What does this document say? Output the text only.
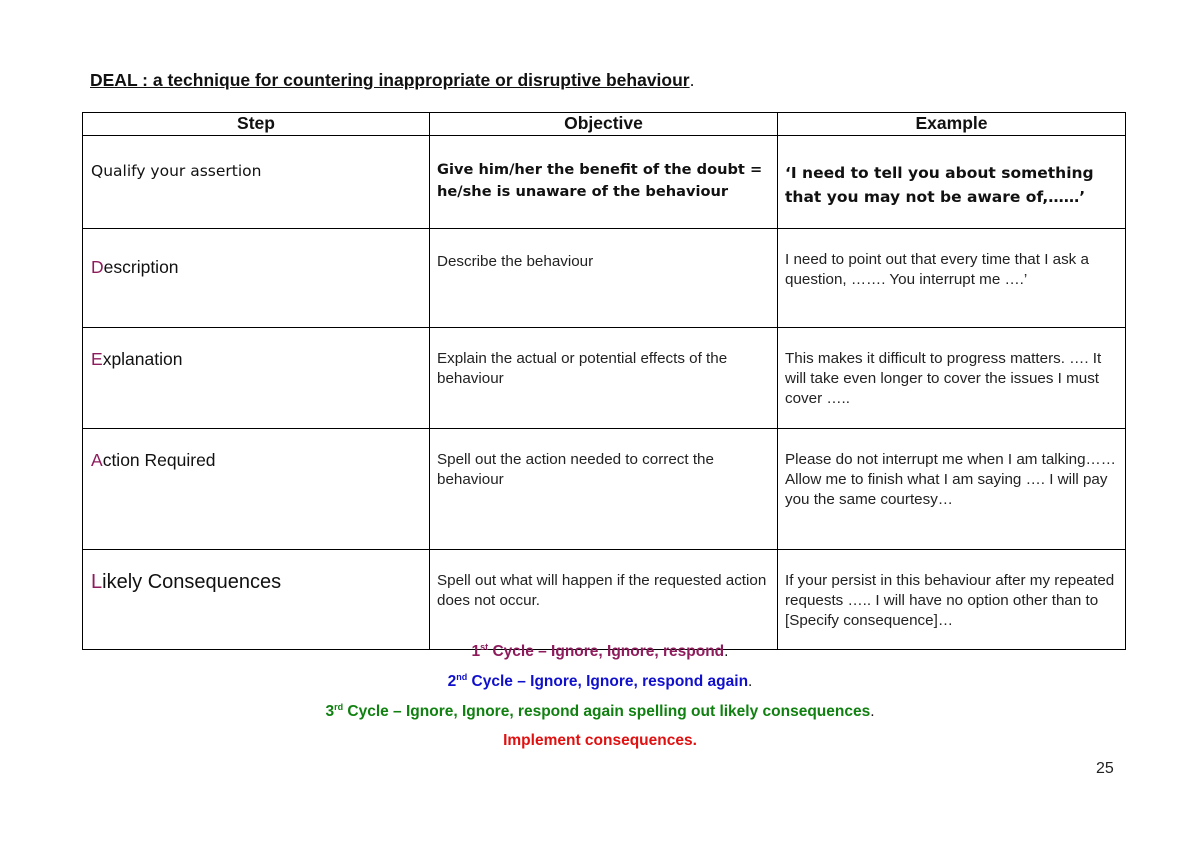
DEAL : a technique for countering inappropriate or disruptive behaviour.
Step	Objective	Example

Qualify your assertion	Give him/her the benefit of the doubt = he/she is unaware of the behaviour	‘I need to tell you about something that you may not be aware of,……’

Description	Describe the behaviour	I need to point out that every time that I ask a question, ……. You interrupt me ….’

Explanation	Explain the actual or potential effects of the behaviour	This makes it difficult to progress matters. …. It will take even longer to cover the issues I must cover …..

Action Required	Spell out the action needed to correct the behaviour	Please do not interrupt me when I am talking…… Allow me to finish what I am saying …. I will pay you the same courtesy…

Likely Consequences	Spell out what will happen if the requested action does not occur.	If your persist in this behaviour after my repeated requests ….. I will have no option other than to [Specify consequence]…
1st Cycle – Ignore, Ignore, respond.
2nd Cycle – Ignore, Ignore, respond again.
3rd Cycle – Ignore, Ignore, respond again spelling out likely consequences.
Implement consequences.
25
